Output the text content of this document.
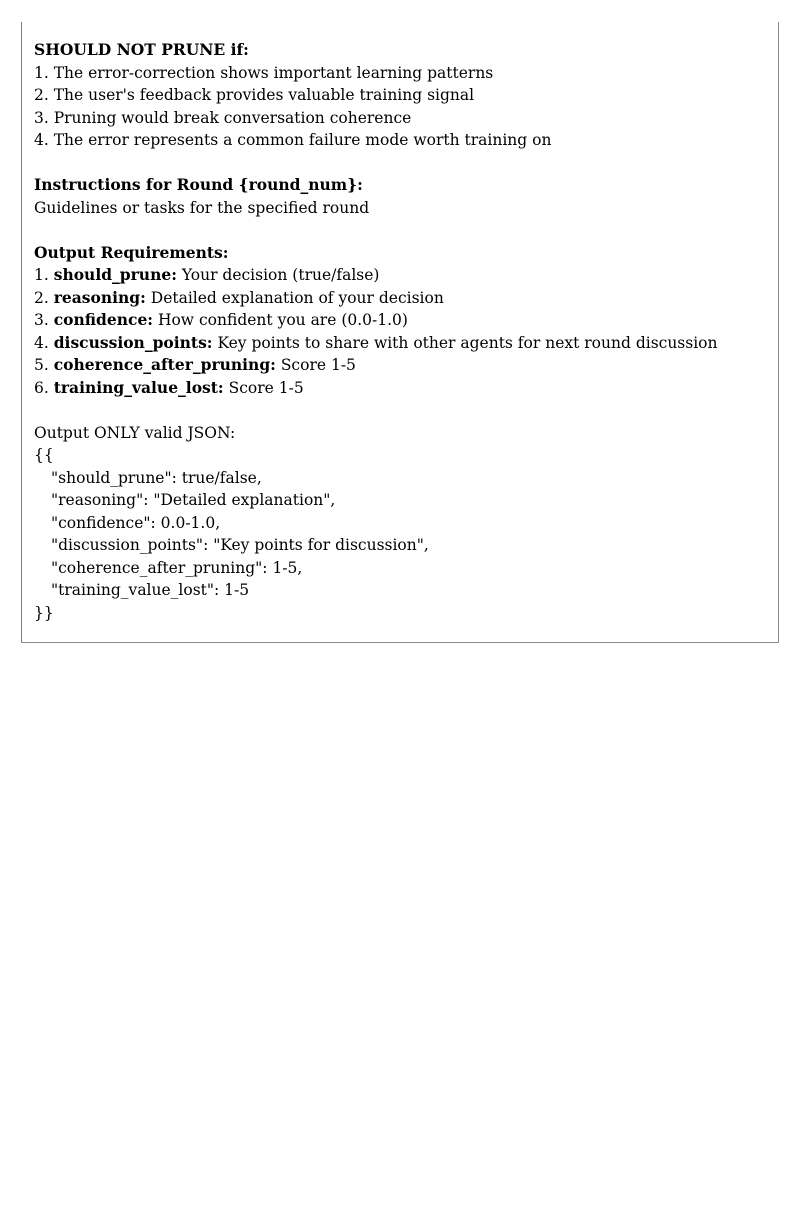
SHOULD NOT PRUNE if:
1. The error-correction shows important learning patterns
2. The user's feedback provides valuable training signal
3. Pruning would break conversation coherence
4. The error represents a common failure mode worth training on
Instructions for Round {round_num}:
Guidelines or tasks for the specified round
Output Requirements:
1. should_prune: Your decision (true/false)
2. reasoning: Detailed explanation of your decision
3. confidence: How confident you are (0.0-1.0)
4. discussion_points: Key points to share with other agents for next round discussion
5. coherence_after_pruning: Score 1-5
6. training_value_lost: Score 1-5
Output ONLY valid JSON:
{{
"should_prune": true/false,
"reasoning": "Detailed explanation",
"confidence": 0.0-1.0,
"discussion_points": "Key points for discussion",
"coherence_after_pruning": 1-5,
"training_value_lost": 1-5
}}
